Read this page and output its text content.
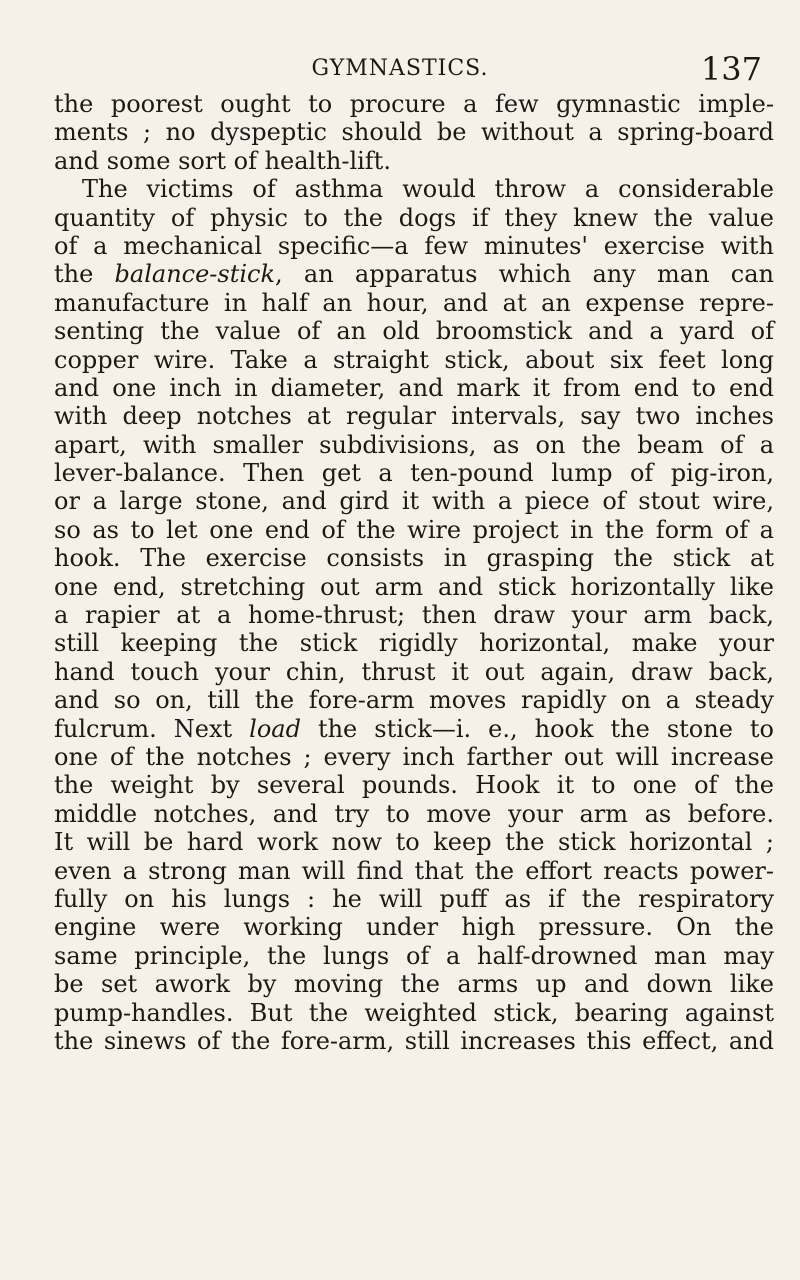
GYMNASTICS.	137
the poorest ought to procure a few gymnastic imple-
ments ; no dyspeptic should be without a spring-board
and some sort of health-lift.
The victims of asthma would throw a considerable
quantity of physic to the dogs if they knew the value
of a mechanical specific—a few minutes' exercise with
the balance-stick, an apparatus which any man can
manufacture in half an hour, and at an expense repre-
senting the value of an old broomstick and a yard of
copper wire. Take a straight stick, about six feet long
and one inch in diameter, and mark it from end to end
with deep notches at regular intervals, say two inches
apart, with smaller subdivisions, as on the beam of a
lever-balance. Then get a ten-pound lump of pig-iron,
or a large stone, and gird it with a piece of stout wire,
so as to let one end of the wire project in the form of a
hook. The exercise consists in grasping the stick at
one end, stretching out arm and stick horizontally like
a rapier at a home-thrust; then draw your arm back,
still keeping the stick rigidly horizontal, make your
hand touch your chin, thrust it out again, draw back,
and so on, till the fore-arm moves rapidly on a steady
fulcrum. Next load the stick—i. e., hook the stone to
one of the notches ; every inch farther out will increase
the weight by several pounds. Hook it to one of the
middle notches, and try to move your arm as before.
It will be hard work now to keep the stick horizontal ;
even a strong man will find that the effort reacts power-
fully on his lungs : he will puff as if the respiratory
engine were working under high pressure. On the
same principle, the lungs of a half-drowned man may
be set awork by moving the arms up and down like
pump-handles. But the weighted stick, bearing against
the sinews of the fore-arm, still increases this effect, and
